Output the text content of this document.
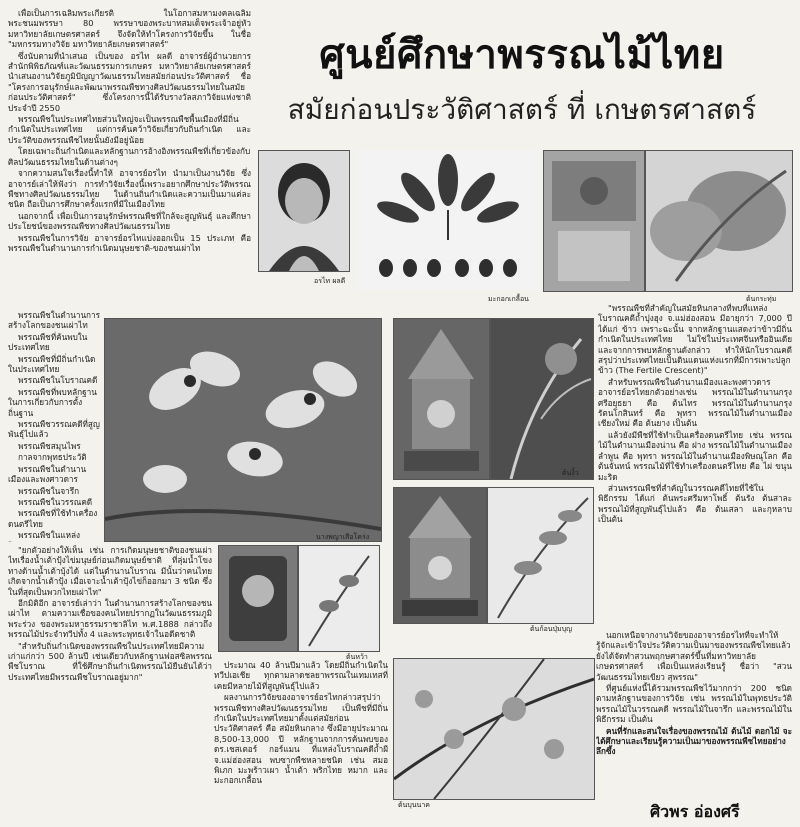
ศูนย์ศึกษาพรรณไม้ไทย
สมัยก่อนประวัติศาสตร์ ที่ เกษตรศาสตร์

เพื่อเป็นการเฉลิมพระเกียรติ ในโอกาสมหามงคลเฉลิมพระชนมพรรษา 80 พรรษาของพระบาทสมเด็จพระเจ้าอยู่หัว มหาวิทยาลัยเกษตรศาสตร์ จึงจัดให้ทำโครงการวิจัยขึ้น ในชื่อ "มหกรรมทางวิจัย มหาวิทยาลัยเกษตรศาสตร์"

ซึ่งนับตามที่นำเสนอ เป็นของ อรไท ผลดี อาจารย์ผู้อำนวยการสำนักพิพิธภัณฑ์และวัฒนธรรมการเกษตร มหาวิทยาลัยเกษตรศาสตร์ นำเสนองานวิจัยภูมิปัญญาวัฒนธรรมไทยสมัยก่อนประวัติศาสตร์ ชื่อ "โครงการอนุรักษ์และพัฒนาพรรณพืชทางศิลปวัฒนธรรมไทยในสมัยก่อนประวัติศาสตร์" ซึ่งโครงการนี้ได้รับรางวัลสภาวิจัยแห่งชาติ ประจำปี 2550

พรรณพืชในประเทศไทยส่วนใหญ่จะเป็นพรรณพืชพื้นเมืองที่มีถิ่นกำเนิดในประเทศไทย แต่การค้นคว้าวิจัยเกี่ยวกับถิ่นกำเนิด และประวัติของพรรณพืชไทยนั้นยังมีอยู่น้อย

โดยเฉพาะถิ่นกำเนิดและหลักฐานการอ้างอิงพรรณพืชที่เกี่ยวข้องกับศิลปวัฒนธรรมไทยในด้านต่างๆ

จากความสนใจเรื่องนี้ทำให้ อาจารย์อรไท นำมาเป็นงานวิจัย ซึ่งอาจารย์เล่าให้ฟังว่า การทำวิจัยเรื่องนี้เพราะอยากศึกษาประวัติพรรณพืชทางศิลปวัฒนธรรมไทย ในด้านถิ่นกำเนิดและความเป็นมาแต่ละชนิด ถือเป็นการศึกษาครั้งแรกที่มีในเมืองไทย

นอกจากนี้ เพื่อเป็นการอนุรักษ์พรรณพืชที่ใกล้จะสูญพันธุ์ และศึกษาประโยชน์ของพรรณพืชทางศิลปวัฒนธรรมไทย

พรรณพืชในการวิจัย อาจารย์อรไทแบ่งออกเป็น 15 ประเภท คือ พรรณพืชในตำนานการกำเนิดมนุษยชาติ-ของชนเผ่าไท

พรรณพืชในตำนานการสร้างโลกของชนเผ่าไท

พรรณพืชที่ค้นพบในประเทศไทย

พรรณพืชที่มีถิ่นกำเนิดในประเทศไทย

พรรณพืชในโบราณคดี

พรรณพืชที่พบหลักฐานในการเกี่ยวกับการตั้งถิ่นฐาน

พรรณพืชวรรณคดีที่สูญพันธุ์ไปแล้ว

พรรณพืชสมุนไพร

กาลจากพุทธประวัติ

พรรณพืชในตำนานเมืองและพงศาวดาร

พรรณพืชในจารึก

พรรณพืชในวรรณคดี

พรรณพืชที่ใช้ทำเครื่องดนตรีไทย

พรรณพืชในแหล่ง

"ยกตัวอย่างให้เห็น เช่น การเกิดมนุษยชาติของชนเผ่าไทเรื่องน้ำเต้าปุ้งไข่มนุษย์ก่อนเกิดมนุษย์ชาติ ที่ลุ่มน้ำโขงทางด้านน้ำเต้าบุ้งได้ แต่ในตำนานโบราณ มีนั้นว่าคนไทยเกิดจากน้ำเต้าปุ้ง เมื่อเจาะน้ำเต้าปุ้งไข่ก็ออกมา 3 ชนิด ซึ่งในที่สุดเป็นพวกไทยเผ่าไท"

อีกมิติอีก อาจารย์เล่าว่า ในตำนานการสร้างโลกของชนเผ่าไท ตามความเชื่อของคนไทยปรากฏในวัฒนธรรมภูมิพระร่วง ของพระมหาธรรมราชาลิไท พ.ศ.1888 กล่าวถึงพรรณไม้ประจำทวีปทั้ง 4 และพระพุทธเจ้าในอดีตชาติ

"สำหรับถิ่นกำเนิดของพรรณพืชในประเทศไทยมีความเก่าแก่กว่า 500 ล้านปี เช่นเดียวกับหลักฐานฟอสซิลพรรณพืชโบราณ ที่ใช้ศึกษาถิ่นกำเนิดพรรณไม้ยืนยันได้ว่าประเทศไทยมีพรรณพืชโบราณอยู่มาก"

ประมาณ 40 ล้านปีมาแล้ว โดยมีถิ่นกำเนิดในทวีปเอเชีย ทุกตามลาดชลยาพรรณในเทมเทสที่เคยมีหลายไม้ที่สูญพันธุ์ไปแล้ว

ผลงานการวิจัยของอาจารย์อรไทกล่าวสรุปว่า พรรณพืชทางศิลปวัฒนธรรมไทย เป็นพืชที่มีถิ่นกำเนิดในประเทศไทยมาตั้งแต่สมัยก่อนประวัติศาสตร์ คือ สมัยหินกลาง ซึ่งมีอายุประมาณ 8,500-13,000 ปี หลักฐานจากการค้นพบของ ดร.เชสเตอร์ กอร์แมน ที่แหล่งโบราณคดีถ้ำผี จ.แม่ฮ่องสอน พบซากพืชหลายชนิด เช่น สมอพิเภก มะพร้าวเผา น้ำเต้า พริกไทย หมาก และมะกอกเกลื้อน

"พรรณพืชที่สำคัญในสมัยหินกลางที่พบที่แหล่งโบราณคดีถ้ำปุงฮุง จ.แม่ฮ่องสอน มีอายุกว่า 7,000 ปี ได้แก่ ข้าว เพราะฉะนั้น จากหลักฐานแสดงว่าข้าวมีถิ่นกำเนิดในประเทศไทย ไม่ใช่ในประเทศจีนหรืออินเดีย และจากการพบหลักฐานดังกล่าว ทำให้นักโบราณคดีสรุปว่าประเทศไทยเป็นดินแดนแห่งแรกที่มีการเพาะปลูกข้าว (The Fertile Crescent)"

สำหรับพรรณพืชในตำนานเมืองและพงศาวดาร อาจารย์อรไทยกตัวอย่างเช่น พรรณไม้ในตำนานกรุงศรีอยุธยา คือ ต้นไทร พรรณไม้ในตำนานกรุงรัตนโกสินทร์ คือ พุทรา พรรณไม้ในตำนานเมืองเชียงใหม่ คือ ต้นยาง เป็นต้น

แล้วยังมีพืชที่ใช้ทำเป็นเครื่องดนตรีไทย เช่น พรรณไม้ในตำนานเมืองน่าน คือ ฝาง พรรณไม้ในตำนานเมืองลำพูน คือ พุทรา พรรณไม้ในตำนานเมืองพิษณุโลก คือ ต้นจันทน์ พรรณไม้ที่ใช้ทำเครื่องดนตรีไทย คือ ไผ่ ขนุน มะริด

ส่วนพรรณพืชที่สำคัญในวรรณคดีไทยที่ใช้ในพิธีกรรม ได้แก่ ต้นพระศรีมหาโพธิ์ ต้นรัง ต้นสาละ พรรณไม้ที่สูญพันธุ์ไปแล้ว คือ ต้นเสลา และกุหลาบ เป็นต้น

นอกเหนือจากงานวิจัยของอาจารย์อรไทที่จะทำให้รู้จักและเข้าใจประวัติความเป็นมาของพรรณพืชไทยแล้ว ยังได้จัดทำสวนพฤกษศาสตร์ขึ้นที่มหาวิทยาลัยเกษตรศาสตร์ เพื่อเป็นแหล่งเรียนรู้ ชื่อว่า "สวนวัฒนธรรมไทยเขียว สุพรรณ"

ที่ศูนย์แห่งนี้ได้รวมพรรณพืชไว้มากกว่า 200 ชนิด ตามหลักฐานของการวิจัย เช่น พรรณไม้ในพุทธประวัติ พรรณไม้ในวรรณคดี พรรณไม้ในจารึก และพรรณไม้ในพิธีกรรม เป็นต้น

คนที่รักและสนใจเรื่องของพรรณไม้ ต้นไม้ ดอกไม้ จะได้ศึกษาและเรียนรู้ความเป็นมาของพรรณพืชไทยอย่างลึกซึ้ง

อรไท ผลดี
มะกอกเกลื้อน	ต้นกระทุ่ม
นางพญาเสือโคร่ง
ต้นงิ้ว
ต้นหว้า
ต้นก้อนปุ่มบุญ
ต้นบุนนาค	ศิวพร อ่องศรี
